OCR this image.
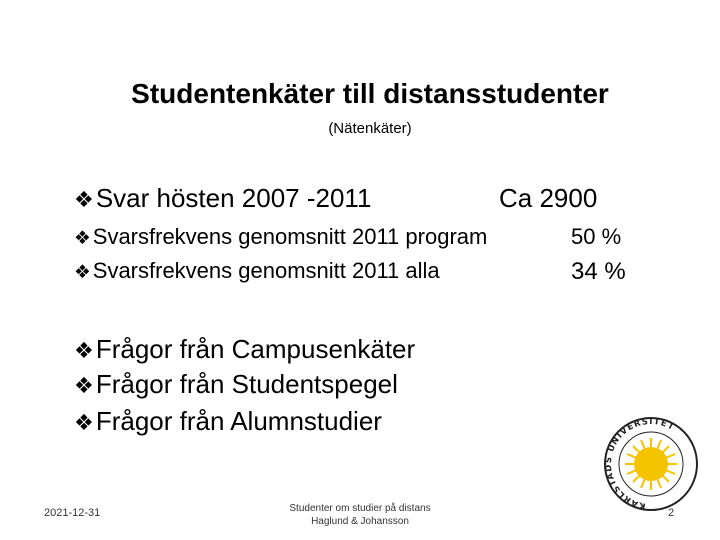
Studentenkäter till distansstudenter
(Nätenkäter)
❖ Svar hösten 2007 -2011	Ca 2900
❖ Svarsfrekvens genomsnitt 2011 program	50 %
❖ Svarsfrekvens genomsnitt 2011 alla	34 %
❖ Frågor från Campusenkäter
❖ Frågor från Studentspegel
❖ Frågor från Alumnstudier
KARLSTADS UNIVERSITET
2021-12-31	Studenter om studier på distans
Haglund & Johansson
2
